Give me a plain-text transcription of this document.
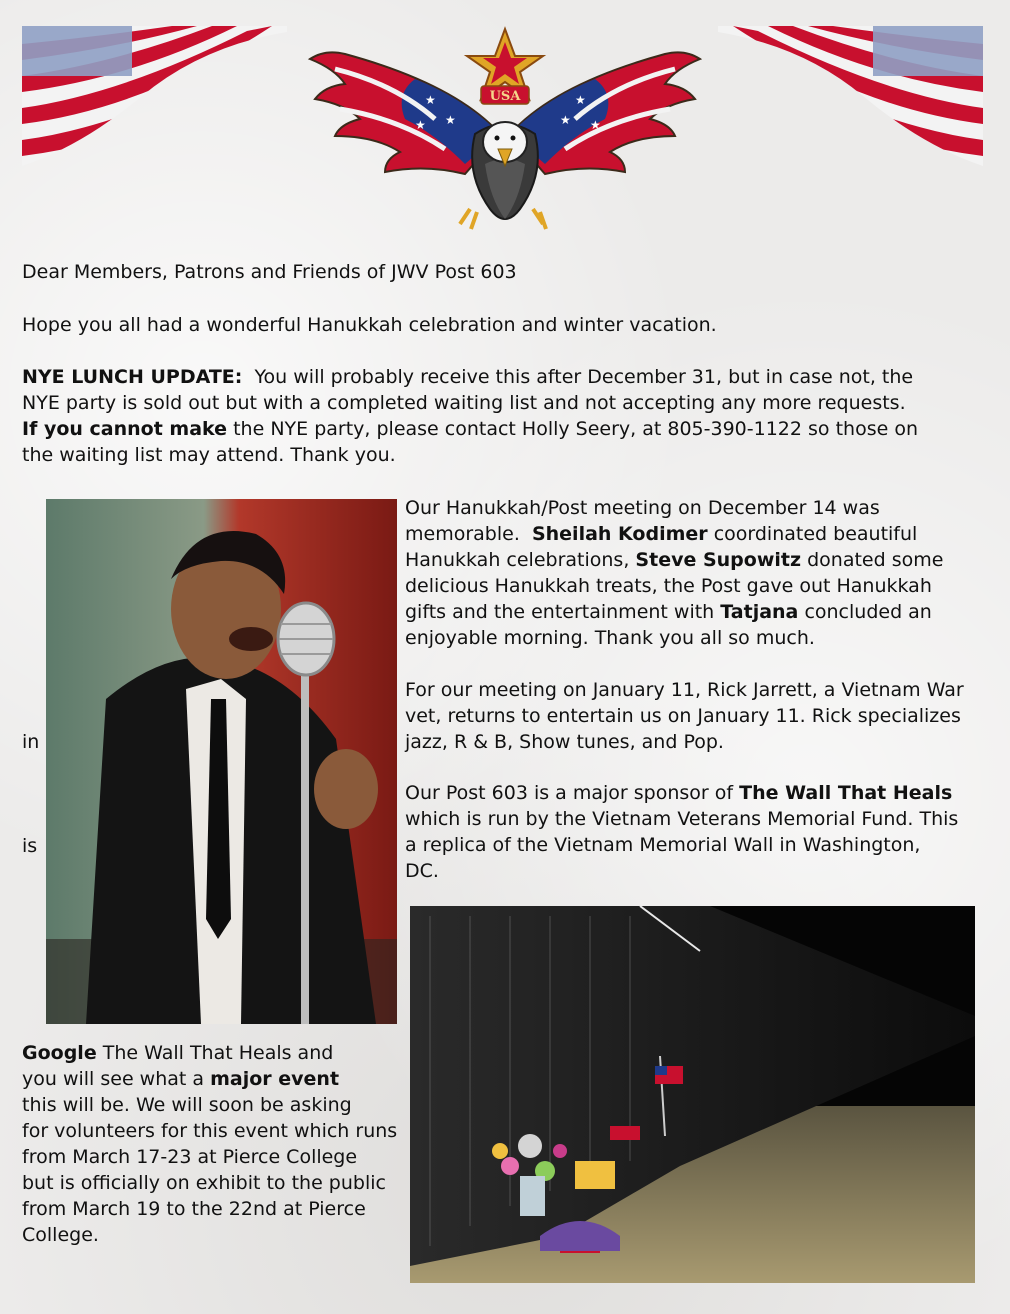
★
★
★
★
★ ★
USA

Dear Members, Patrons and Friends of JWV Post 603

Hope you all had a wonderful Hanukkah celebration and winter vacation.

NYE LUNCH UPDATE: You will probably receive this after December 31, but in case not, the

NYE party is sold out but with a completed waiting list and not accepting any more requests.

If you cannot make the NYE party, please contact Holly Seery, at 805-390-1122 so those on

the waiting list may attend. Thank you.

in
is

Our Hanukkah/Post meeting on December 14 was

memorable. Sheilah Kodimer coordinated beautiful

Hanukkah celebrations, Steve Supowitz donated some

delicious Hanukkah treats, the Post gave out Hanukkah

gifts and the entertainment with Tatjana concluded an

enjoyable morning. Thank you all so much.

For our meeting on January 11, Rick Jarrett, a Vietnam War

vet, returns to entertain us on January 11. Rick specializes

jazz, R & B, Show tunes, and Pop.

Our Post 603 is a major sponsor of The Wall That Heals

which is run by the Vietnam Veterans Memorial Fund. This

a replica of the Vietnam Memorial Wall in Washington,

DC.

Google The Wall That Heals and

you will see what a major event

this will be. We will soon be asking

for volunteers for this event which runs

from March 17-23 at Pierce College

but is officially on exhibit to the public

from March 19 to the 22nd at Pierce

College.
